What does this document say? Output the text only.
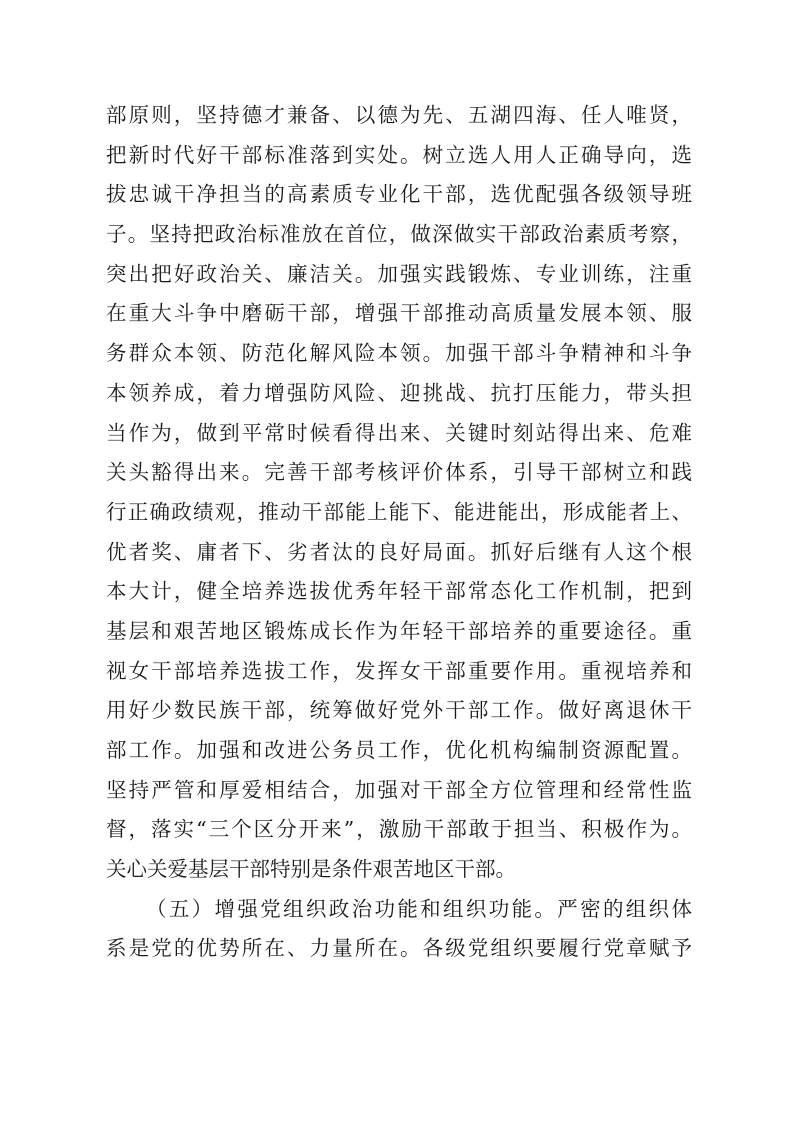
部原则，坚持德才兼备、以德为先、五湖四海、任人唯贤，
把新时代好干部标准落到实处。树立选人用人正确导向，选
拔忠诚干净担当的高素质专业化干部，选优配强各级领导班
子。坚持把政治标准放在首位，做深做实干部政治素质考察，
突出把好政治关、廉洁关。加强实践锻炼、专业训练，注重
在重大斗争中磨砺干部，增强干部推动高质量发展本领、服
务群众本领、防范化解风险本领。加强干部斗争精神和斗争
本领养成，着力增强防风险、迎挑战、抗打压能力，带头担
当作为，做到平常时候看得出来、关键时刻站得出来、危难
关头豁得出来。完善干部考核评价体系，引导干部树立和践
行正确政绩观，推动干部能上能下、能进能出，形成能者上、
优者奖、庸者下、劣者汰的良好局面。抓好后继有人这个根
本大计，健全培养选拔优秀年轻干部常态化工作机制，把到
基层和艰苦地区锻炼成长作为年轻干部培养的重要途径。重
视女干部培养选拔工作，发挥女干部重要作用。重视培养和
用好少数民族干部，统筹做好党外干部工作。做好离退休干
部工作。加强和改进公务员工作，优化机构编制资源配置。
坚持严管和厚爱相结合，加强对干部全方位管理和经常性监
督，落实“三个区分开来”，激励干部敢于担当、积极作为。
关心关爱基层干部特别是条件艰苦地区干部。
（五）增强党组织政治功能和组织功能。严密的组织体
系是党的优势所在、力量所在。各级党组织要履行党章赋予
